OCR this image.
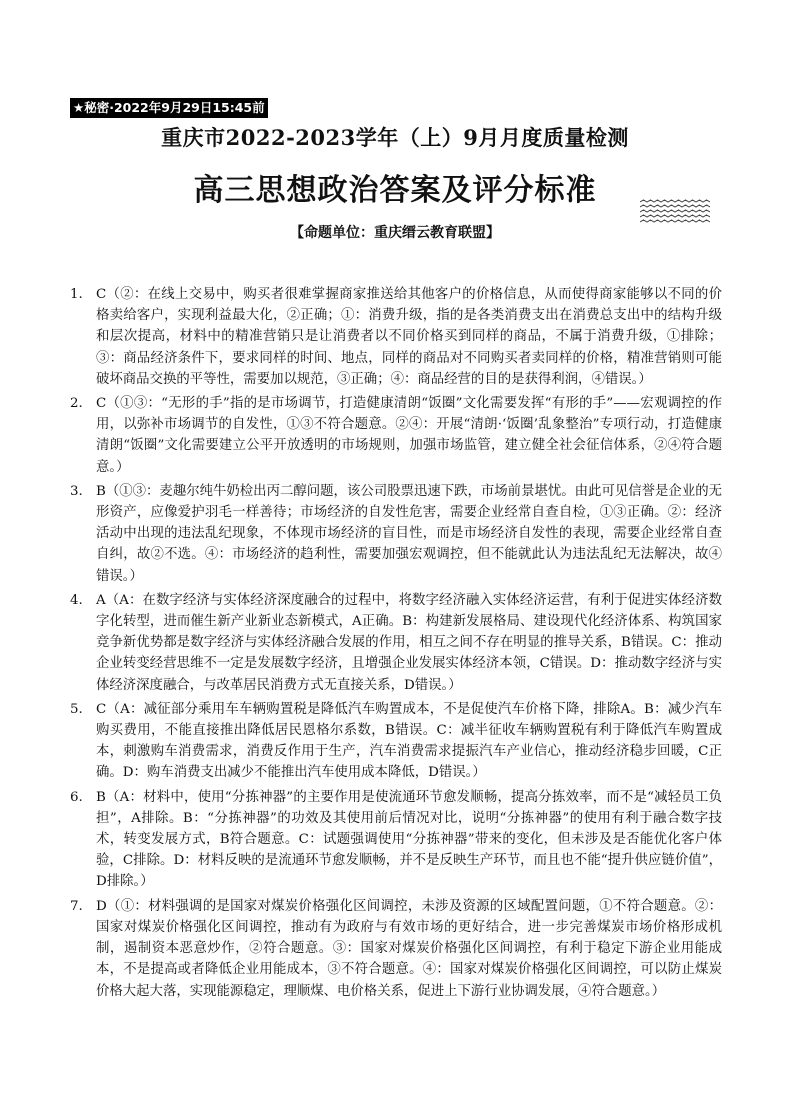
★秘密·2022年9月29日15:45前
重庆市2022-2023学年（上）9月月度质量检测
高三思想政治答案及评分标准
【命题单位：重庆缙云教育联盟】
1. C（②：在线上交易中，购买者很难掌握商家推送给其他客户的价格信息，从而使得商家能够以不同的价格卖给客户，实现利益最大化，②正确；①：消费升级，指的是各类消费支出在消费总支出中的结构升级和层次提高，材料中的精准营销只是让消费者以不同价格买到同样的商品，不属于消费升级，①排除；③：商品经济条件下，要求同样的时间、地点，同样的商品对不同购买者卖同样的价格，精准营销则可能破坏商品交换的平等性，需要加以规范，③正确；④：商品经营的目的是获得利润，④错误。）
2. C（①③：“无形的手”指的是市场调节，打造健康清朗“饭圈”文化需要发挥“有形的手”——宏观调控的作用，以弥补市场调节的自发性，①③不符合题意。②④：开展“清朗·‘饭圈’乱象整治”专项行动，打造健康清朗“饭圈”文化需要建立公平开放透明的市场规则，加强市场监管，建立健全社会征信体系，②④符合题意。）
3. B（①③：麦趣尔纯牛奶检出丙二醇问题，该公司股票迅速下跌，市场前景堪忧。由此可见信誉是企业的无形资产，应像爱护羽毛一样善待；市场经济的自发性危害，需要企业经常自查自检，①③正确。②：经济活动中出现的违法乱纪现象，不体现市场经济的盲目性，而是市场经济自发性的表现，需要企业经常自查自纠，故②不选。④：市场经济的趋利性，需要加强宏观调控，但不能就此认为违法乱纪无法解决，故④错误。）
4. A（A：在数字经济与实体经济深度融合的过程中，将数字经济融入实体经济运营，有利于促进实体经济数字化转型，进而催生新产业新业态新模式，A正确。B：构建新发展格局、建设现代化经济体系、构筑国家竞争新优势都是数字经济与实体经济融合发展的作用，相互之间不存在明显的推导关系，B错误。C：推动企业转变经营思维不一定是发展数字经济，且增强企业发展实体经济本领，C错误。D：推动数字经济与实体经济深度融合，与改革居民消费方式无直接关系，D错误。）
5. C（A：减征部分乘用车车辆购置税是降低汽车购置成本，不是促使汽车价格下降，排除A。B：减少汽车购买费用，不能直接推出降低居民恩格尔系数，B错误。C：减半征收车辆购置税有利于降低汽车购置成本，刺激购车消费需求，消费反作用于生产，汽车消费需求提振汽车产业信心，推动经济稳步回暖，C正确。D：购车消费支出减少不能推出汽车使用成本降低，D错误。）
6. B（A：材料中，使用“分拣神器”的主要作用是使流通环节愈发顺畅，提高分拣效率，而不是“减轻员工负担”，A排除。B：“分拣神器”的功效及其使用前后情况对比，说明“分拣神器”的使用有利于融合数字技术，转变发展方式，B符合题意。C：试题强调使用“分拣神器”带来的变化，但未涉及是否能优化客户体验，C排除。D：材料反映的是流通环节愈发顺畅，并不是反映生产环节，而且也不能“提升供应链价值”，D排除。）
7. D（①：材料强调的是国家对煤炭价格强化区间调控，未涉及资源的区域配置问题，①不符合题意。②：国家对煤炭价格强化区间调控，推动有为政府与有效市场的更好结合，进一步完善煤炭市场价格形成机制，遏制资本恶意炒作，②符合题意。③：国家对煤炭价格强化区间调控，有利于稳定下游企业用能成本，不是提高或者降低企业用能成本，③不符合题意。④：国家对煤炭价格强化区间调控，可以防止煤炭价格大起大落，实现能源稳定，理顺煤、电价格关系，促进上下游行业协调发展，④符合题意。）
